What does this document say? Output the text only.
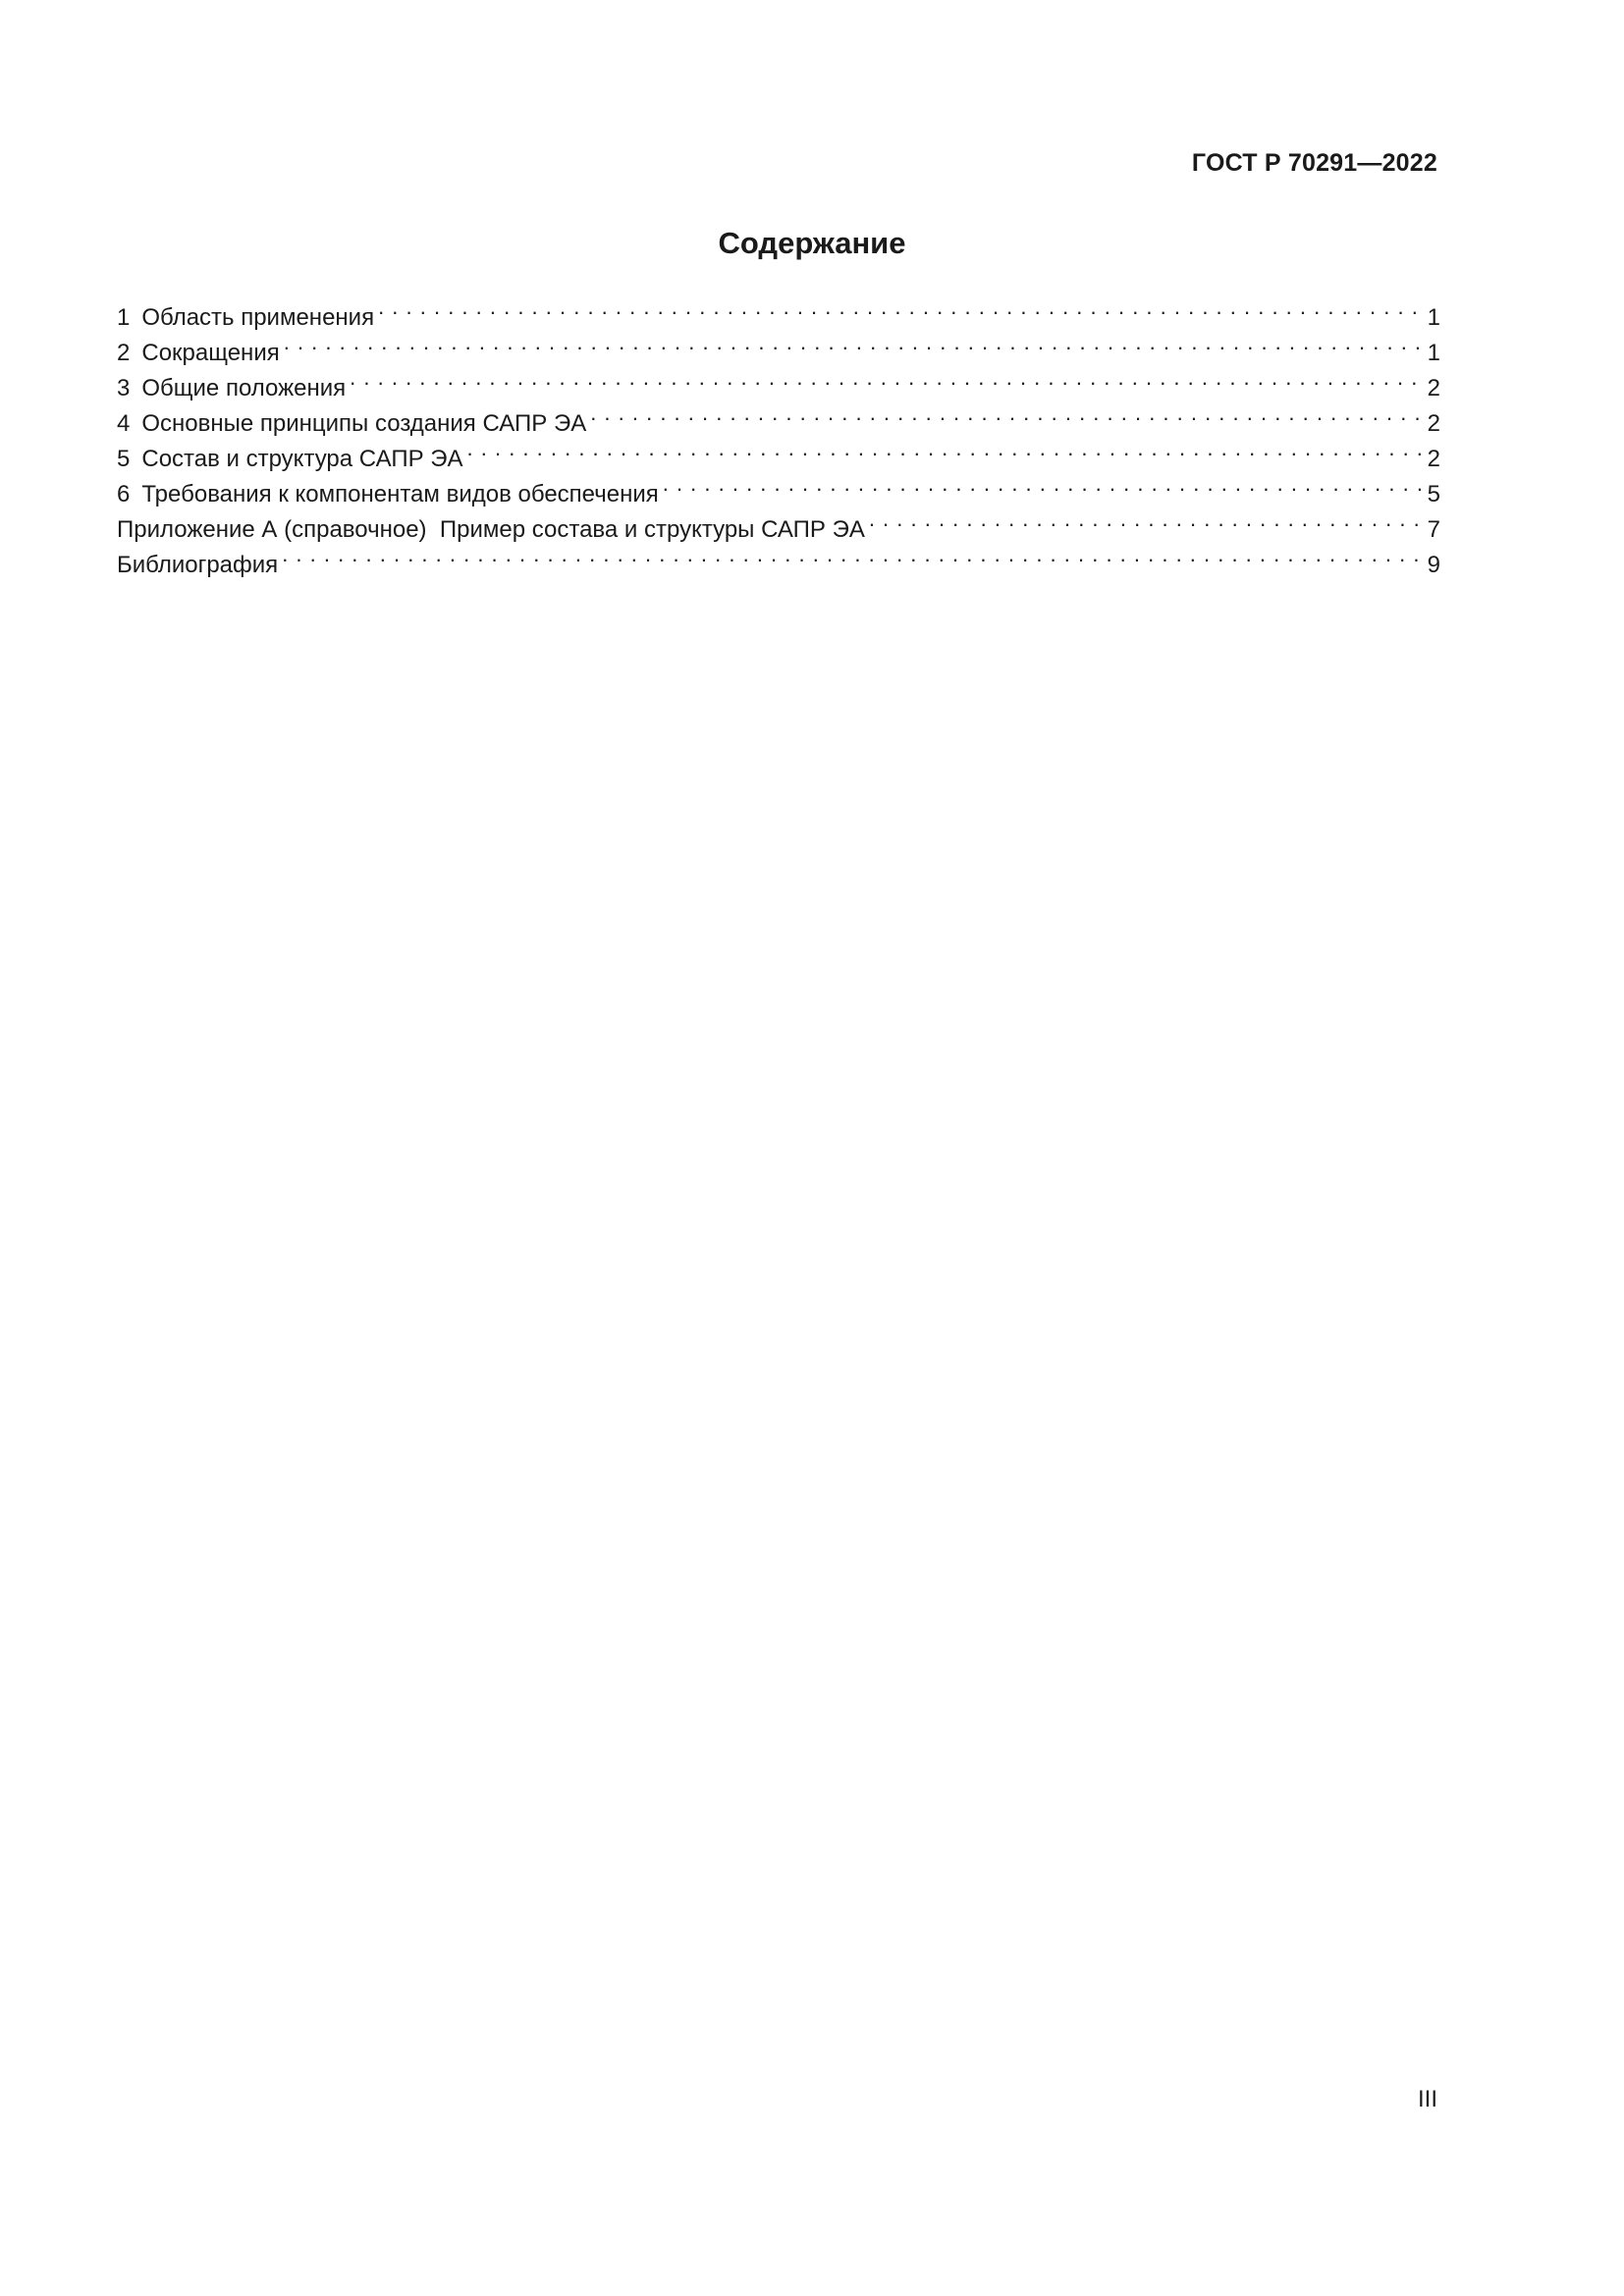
ГОСТ Р 70291—2022
Содержание
1 Область применения . . .	1
2 Сокращения . . .	1
3 Общие положения . . .	2
4 Основные принципы создания САПР ЭА . . .	2
5 Состав и структура САПР ЭА . . .	2
6 Требования к компонентам видов обеспечения . . .	5
Приложение А (справочное)  Пример состава и структуры САПР ЭА . . .	7
Библиография . . .	9
III
